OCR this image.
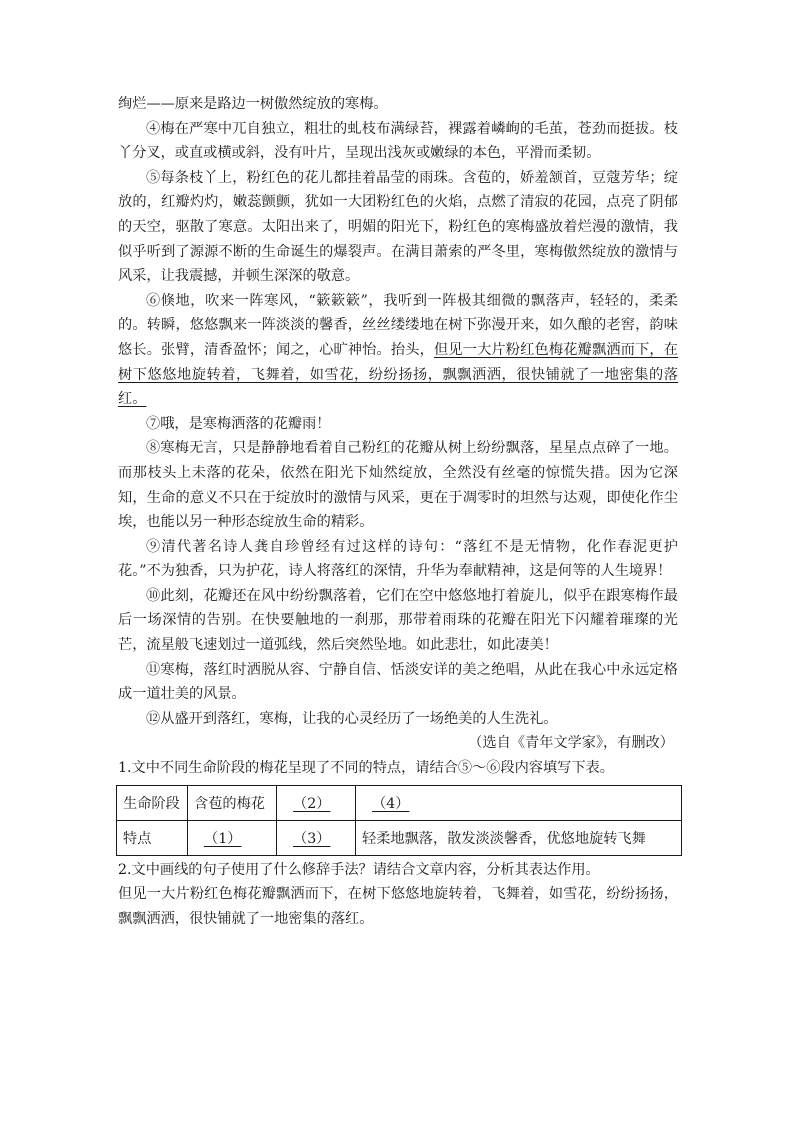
绚烂——原来是路边一树傲然绽放的寒梅。

④梅在严寒中兀自独立，粗壮的虬枝布满绿苔，裸露着嶙峋的毛茧，苍劲而挺拔。枝丫分叉，或直或横或斜，没有叶片，呈现出浅灰或嫩绿的本色，平滑而柔韧。

⑤每条枝丫上，粉红色的花儿都挂着晶莹的雨珠。含苞的，娇羞颔首，豆蔻芳华；绽放的，红瓣灼灼，嫩蕊颤颤，犹如一大团粉红色的火焰，点燃了清寂的花园，点亮了阴郁的天空，驱散了寒意。太阳出来了，明媚的阳光下，粉红色的寒梅盛放着烂漫的激情，我似乎听到了源源不断的生命诞生的爆裂声。在满目萧索的严冬里，寒梅傲然绽放的激情与风采，让我震撼，并顿生深深的敬意。

⑥倏地，吹来一阵寒风，“簌簌簌”，我听到一阵极其细微的飘落声，轻轻的，柔柔的。转瞬，悠悠飘来一阵淡淡的馨香，丝丝缕缕地在树下弥漫开来，如久酿的老窖，韵味悠长。张臂，清香盈怀；闻之，心旷神怡。抬头，但见一大片粉红色梅花瓣飘洒而下，在树下悠悠地旋转着，飞舞着，如雪花，纷纷扬扬，飘飘洒洒，很快铺就了一地密集的落红。

⑦哦，是寒梅洒落的花瓣雨！

⑧寒梅无言，只是静静地看着自己粉红的花瓣从树上纷纷飘落，星星点点碎了一地。而那枝头上未落的花朵，依然在阳光下灿然绽放，全然没有丝毫的惊慌失措。因为它深知，生命的意义不只在于绽放时的激情与风采，更在于凋零时的坦然与达观，即使化作尘埃，也能以另一种形态绽放生命的精彩。

⑨清代著名诗人龚自珍曾经有过这样的诗句：“落红不是无情物，化作春泥更护花。”不为独香，只为护花，诗人将落红的深情，升华为奉献精神，这是何等的人生境界！

⑩此刻，花瓣还在风中纷纷飘落着，它们在空中悠悠地打着旋儿，似乎在跟寒梅作最后一场深情的告别。在快要触地的一刹那，那带着雨珠的花瓣在阳光下闪耀着璀璨的光芒，流星般飞速划过一道弧线，然后突然坠地。如此悲壮，如此凄美！

⑪寒梅，落红时洒脱从容、宁静自信、恬淡安详的美之绝唱，从此在我心中永远定格成一道壮美的风景。

⑫从盛开到落红，寒梅，让我的心灵经历了一场绝美的人生洗礼。

（选自《青年文学家》，有删改）

1.文中不同生命阶段的梅花呈现了不同的特点，请结合⑤～⑥段内容填写下表。

生命阶段	含苞的梅花	（2）	（4）
特点	（1）	（3）	轻柔地飘落，散发淡淡馨香，优悠地旋转飞舞

2.文中画线的句子使用了什么修辞手法？请结合文章内容，分析其表达作用。

但见一大片粉红色梅花瓣飘洒而下，在树下悠悠地旋转着，飞舞着，如雪花，纷纷扬扬，飘飘洒洒，很快铺就了一地密集的落红。
